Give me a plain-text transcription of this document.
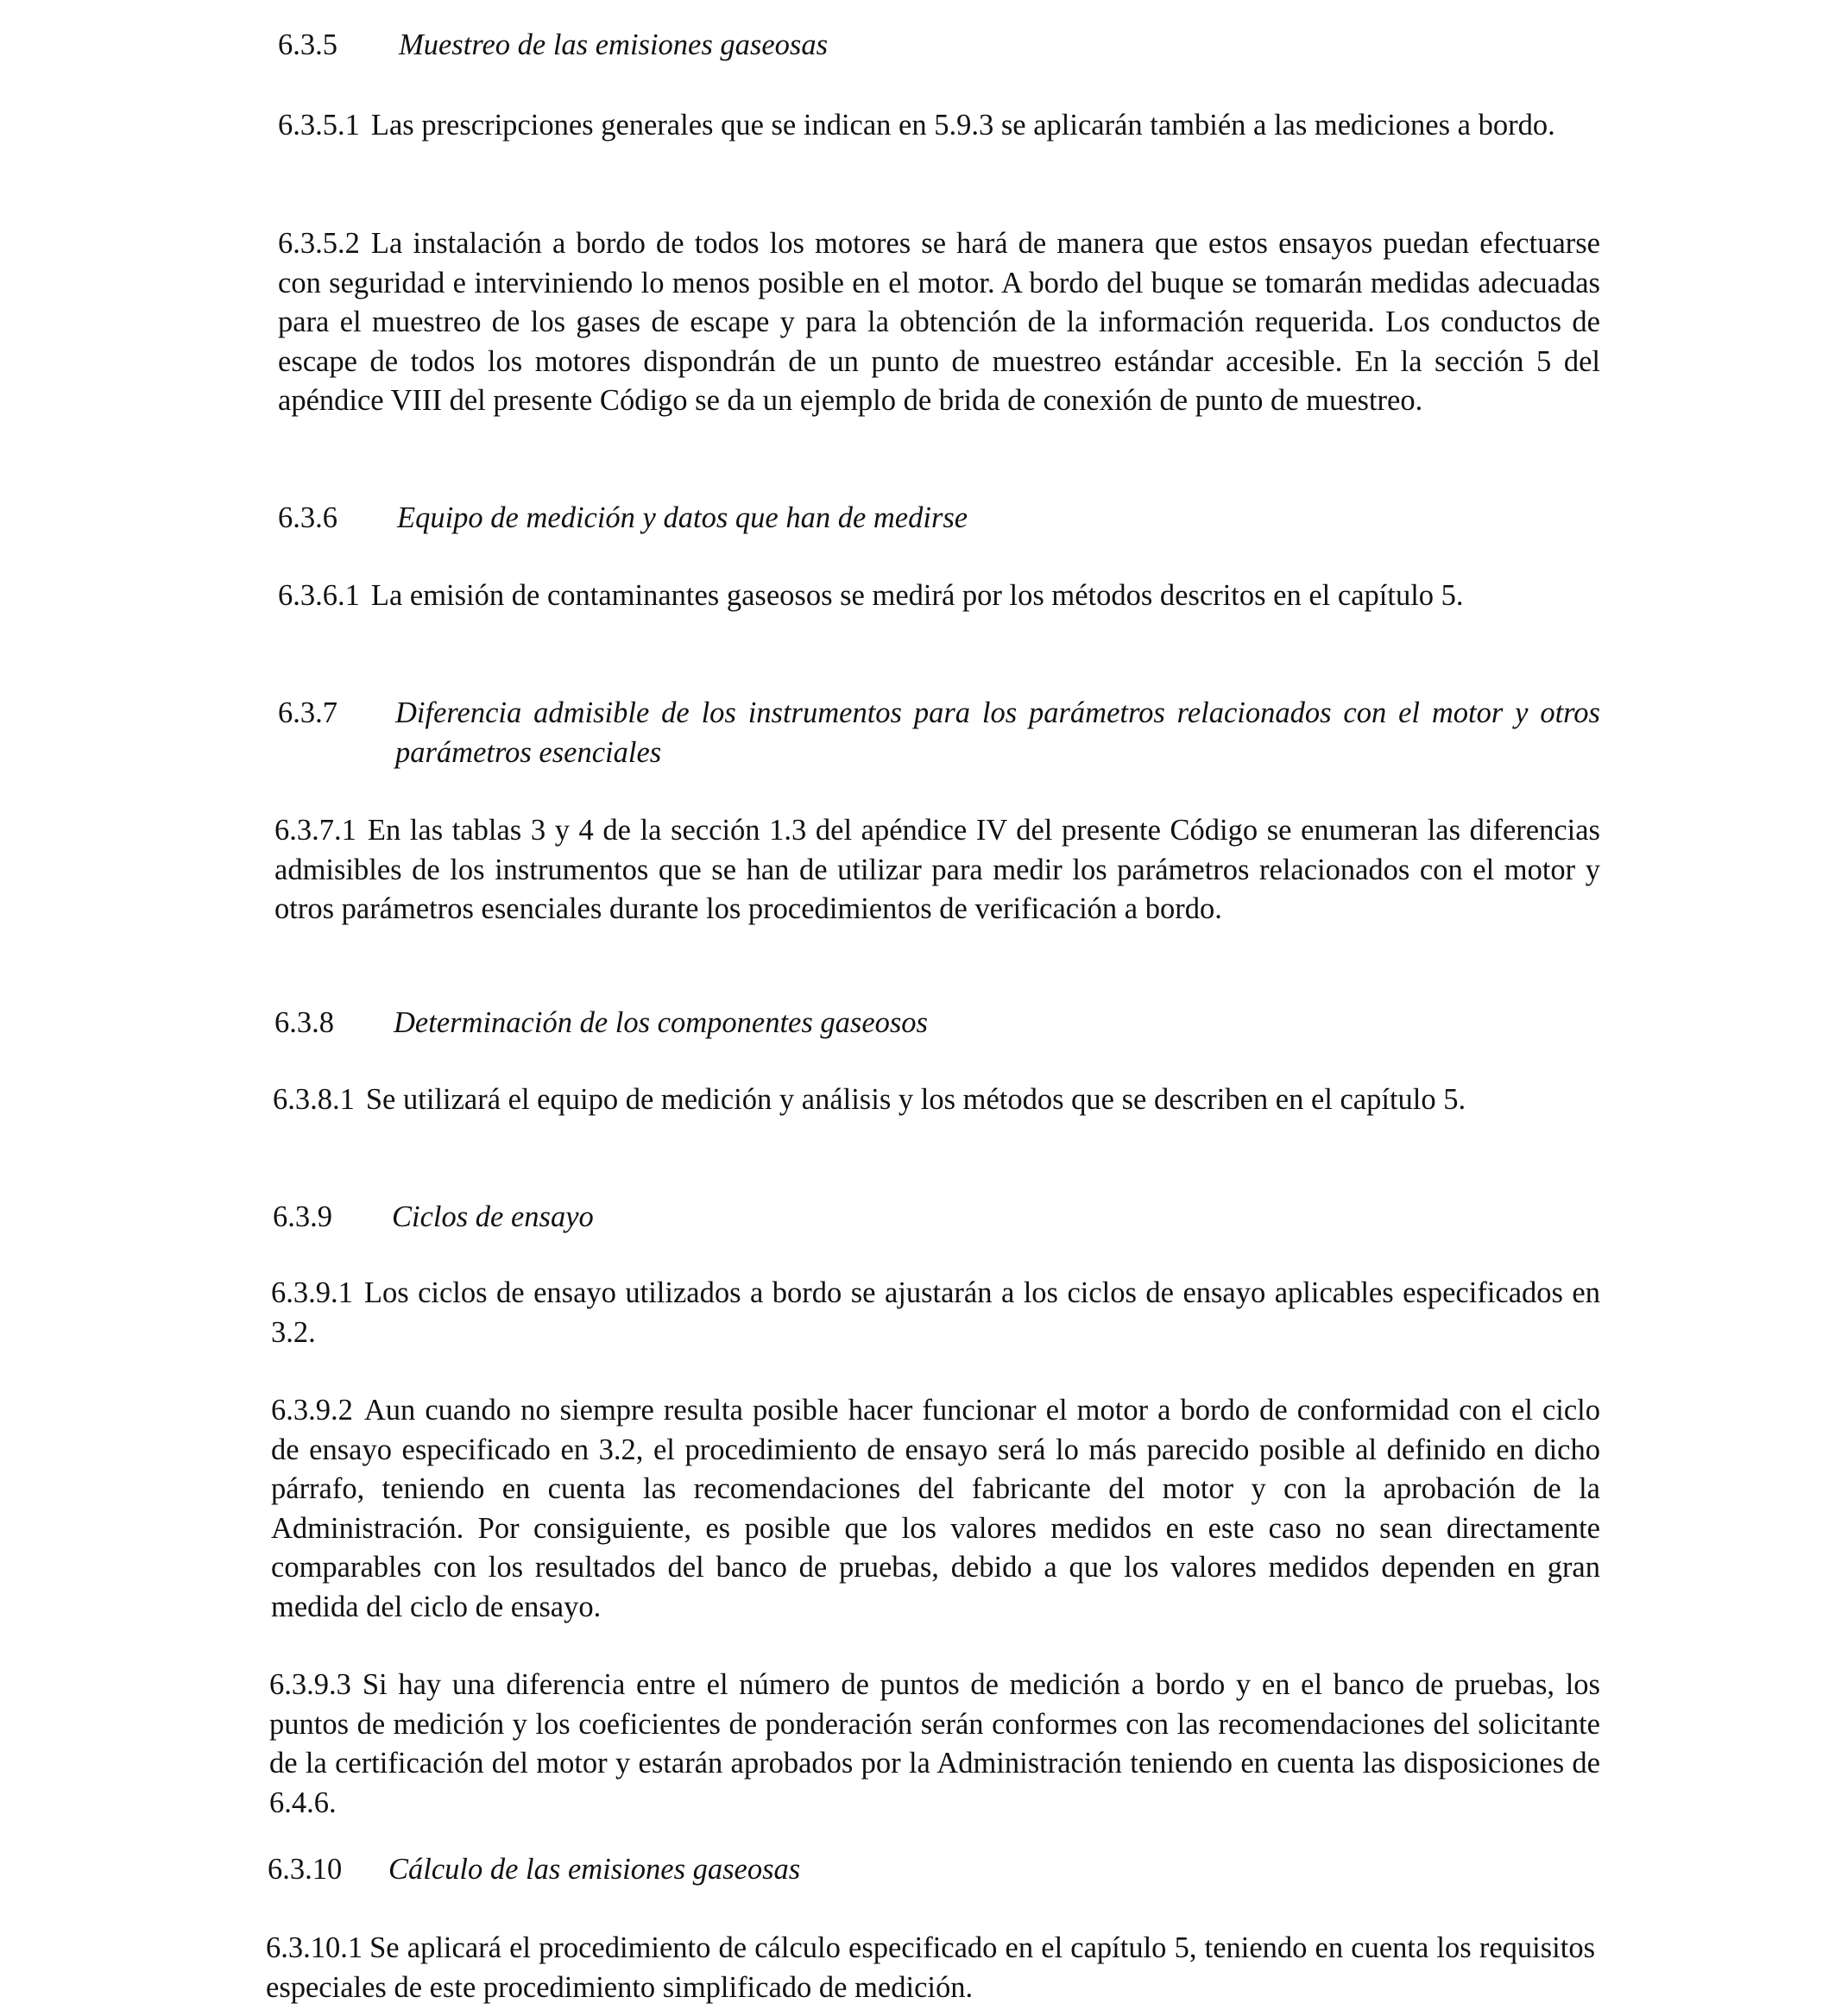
6.3.5	Muestreo de las emisiones gaseosas

6.3.5.1 Las prescripciones generales que se indican en 5.9.3 se aplicarán también a las mediciones a bordo.

6.3.5.2 La instalación a bordo de todos los motores se hará de manera que estos ensayos puedan efectuarse con seguridad e interviniendo lo menos posible en el motor. A bordo del buque se tomarán medidas adecuadas para el muestreo de los gases de escape y para la obtención de la información requerida. Los conductos de escape de todos los motores dispondrán de un punto de muestreo estándar accesible. En la sección 5 del apéndice VIII del presente Código se da un ejemplo de brida de conexión de punto de muestreo.

6.3.6	Equipo de medición y datos que han de medirse

6.3.6.1 La emisión de contaminantes gaseosos se medirá por los métodos descritos en el capítulo 5.

6.3.7	Diferencia admisible de los instrumentos para los parámetros relacionados con el motor y otros parámetros esenciales

6.3.7.1 En las tablas 3 y 4 de la sección 1.3 del apéndice IV del presente Código se enumeran las diferencias admisibles de los instrumentos que se han de utilizar para medir los parámetros relacionados con el motor y otros parámetros esenciales durante los procedimientos de verificación a bordo.

6.3.8	Determinación de los componentes gaseosos

6.3.8.1 Se utilizará el equipo de medición y análisis y los métodos que se describen en el capítulo 5.

6.3.9	Ciclos de ensayo

6.3.9.1 Los ciclos de ensayo utilizados a bordo se ajustarán a los ciclos de ensayo aplicables especificados en 3.2.

6.3.9.2 Aun cuando no siempre resulta posible hacer funcionar el motor a bordo de conformidad con el ciclo de ensayo especificado en 3.2, el procedimiento de ensayo será lo más parecido posible al definido en dicho párrafo, teniendo en cuenta las recomendaciones del fabricante del motor y con la aprobación de la Administración. Por consiguiente, es posible que los valores medidos en este caso no sean directamente comparables con los resultados del banco de pruebas, debido a que los valores medidos dependen en gran medida del ciclo de ensayo.

6.3.9.3 Si hay una diferencia entre el número de puntos de medición a bordo y en el banco de pruebas, los puntos de medición y los coeficientes de ponderación serán conformes con las recomendaciones del solicitante de la certificación del motor y estarán aprobados por la Administración teniendo en cuenta las disposiciones de 6.4.6.

6.3.10	Cálculo de las emisiones gaseosas

6.3.10.1 Se aplicará el procedimiento de cálculo especificado en el capítulo 5, teniendo en cuenta los requisitos especiales de este procedimiento simplificado de medición.
